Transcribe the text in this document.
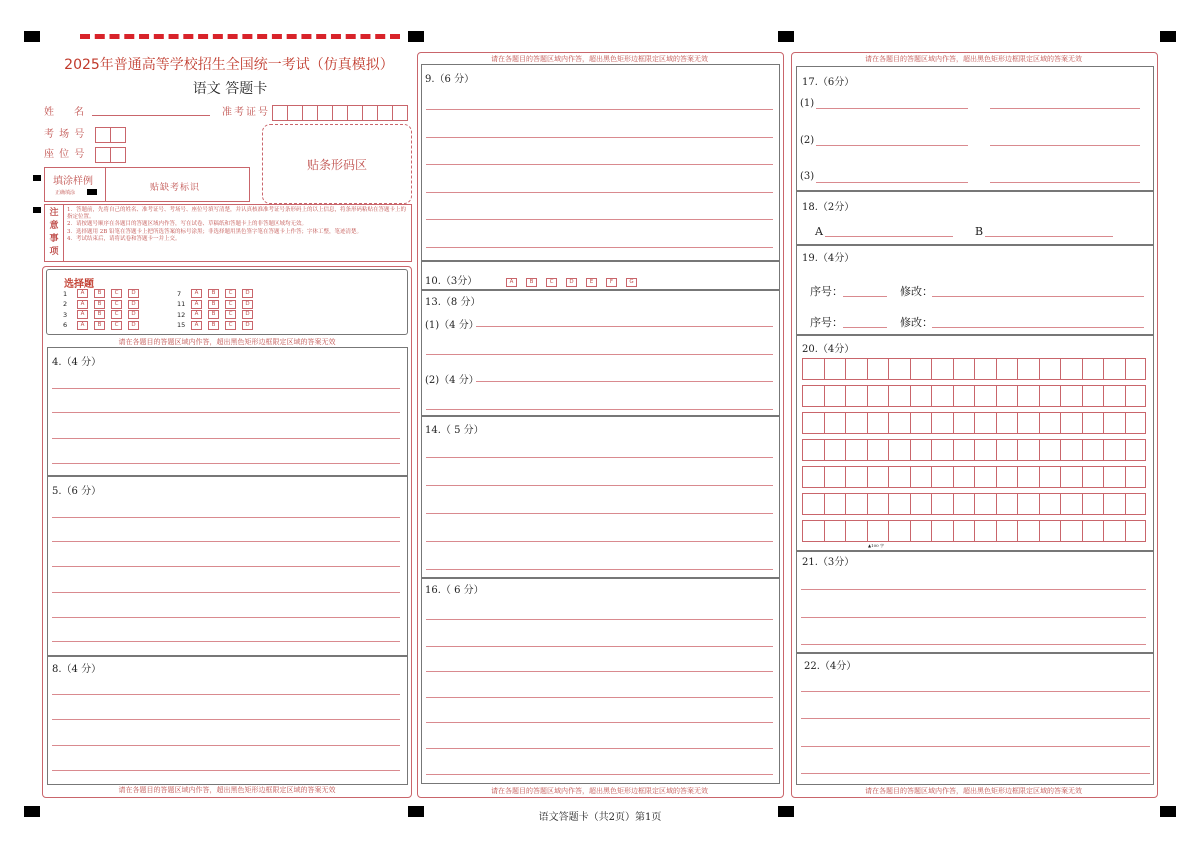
2025年普通高等学校招生全国统一考试（仿真模拟）
语文 答题卡
姓　　名	准考证号
考 场 号
座 位 号
贴条形码区
填涂样例
正确填涂	贴缺考标识
注
意
事
项
1．答题前，先将自己的姓名、准考证号、考场号、座位号填写清楚，并认真核准准考证号条形码上的以上信息，将条形码粘贴在答题卡上的指定位置。
2．请按题号顺序在各题目的答题区域内作答，写在试卷、草稿纸和答题卡上的非答题区域均无效。
3．选择题用 2B 铅笔在答题卡上把所选答案的标号涂黑；非选择题用黑色签字笔在答题卡上作答；字体工整，笔迹清楚。
4．考试结束后，请将试卷和答题卡一并上交。
选择题
1 A B C D
2 A B C D
3 A B C D
6 A B C D
7 A B C D
11 A B C D
12 A B C D
15 A B C D
请在各题目的答题区域内作答，超出黑色矩形边框限定区域的答案无效
4.（4 分）
5.（6 分）
8.（4 分）
请在各题目的答题区域内作答，超出黑色矩形边框限定区域的答案无效
请在各题目的答题区域内作答，超出黑色矩形边框限定区域的答案无效
9.（6 分）
10.（3分）	A	B	C	D	E	F	G
13.（8 分）
(1)（4 分）
(2)（4 分）
14.（ 5 分）
16.（ 6 分）
请在各题目的答题区域内作答，超出黑色矩形边框限定区域的答案无效
请在各题目的答题区域内作答，超出黑色矩形边框限定区域的答案无效
17.（6分）
(1)
(2)
(3)
18.（2分）
A	B
19.（4分）
序号：	修改：
序号：	修改：
20.（4分）
▲100 字
21.（3分）
22.（4分）
请在各题目的答题区域内作答，超出黑色矩形边框限定区域的答案无效
语文答题卡（共2页）第1页
